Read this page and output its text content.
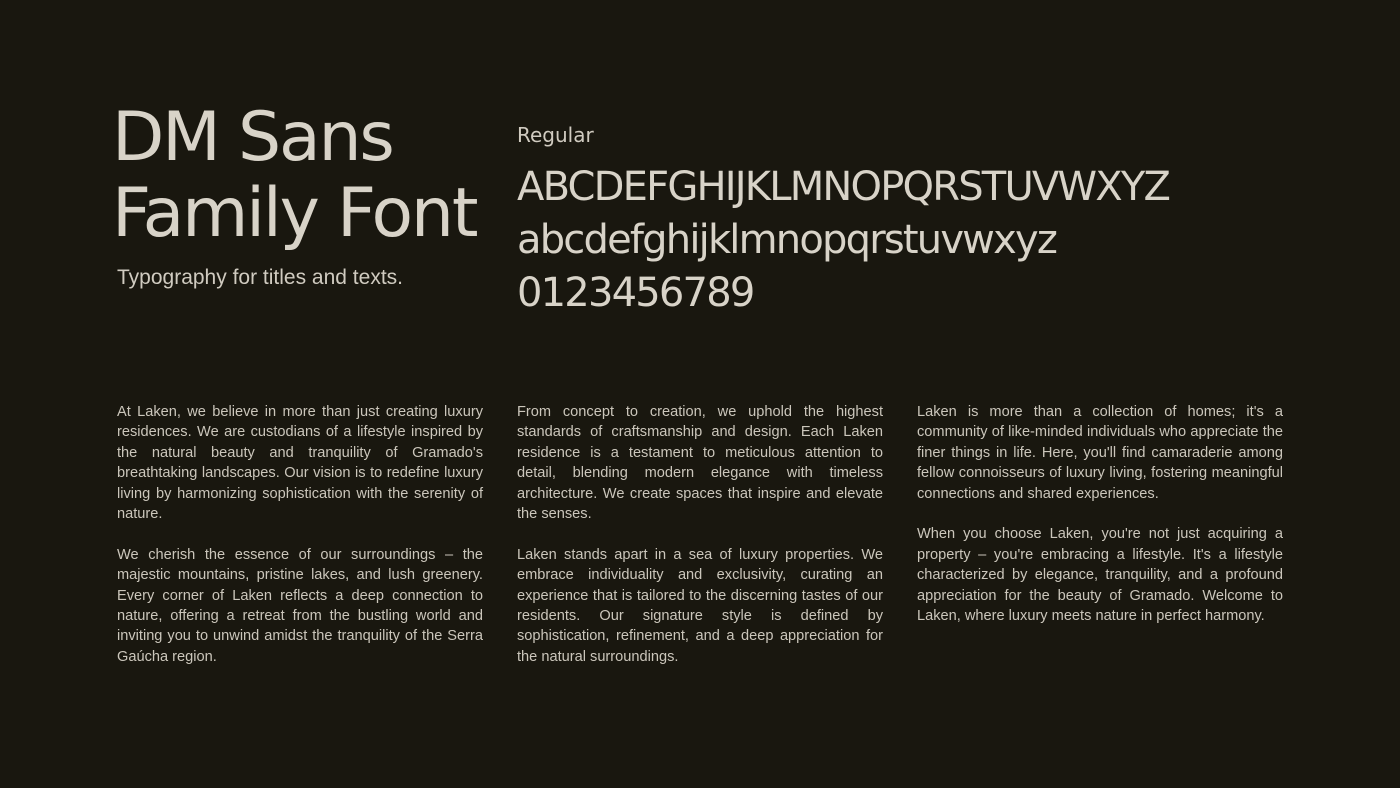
DM Sans
Family Font

Typography for titles and texts.

Regular

ABCDEFGHIJKLMNOPQRSTUVWXYZ
abcdefghijklmnopqrstuvwxyz
0123456789

At Laken, we believe in more than just creating luxury residences. We are custodians of a lifestyle inspired by the natural beauty and tranquility of Gramado's breathtaking landscapes. Our vision is to redefine luxury living by harmonizing sophistication with the serenity of nature.

We cherish the essence of our surroundings – the majestic mountains, pristine lakes, and lush greenery. Every corner of Laken reflects a deep connection to nature, offering a retreat from the bustling world and inviting you to unwind amidst the tranquility of the Serra Gaúcha region.

From concept to creation, we uphold the highest standards of craftsmanship and design. Each Laken residence is a testament to meticulous attention to detail, blending modern elegance with timeless architecture. We create spaces that inspire and elevate the senses.

Laken stands apart in a sea of luxury properties. We embrace individuality and exclusivity, curating an experience that is tailored to the discerning tastes of our residents. Our signature style is defined by sophistication, refinement, and a deep appreciation for the natural surroundings.

Laken is more than a collection of homes; it's a community of like-minded individuals who appreciate the finer things in life. Here, you'll find camaraderie among fellow connoisseurs of luxury living, fostering meaningful connections and shared experiences.

When you choose Laken, you're not just acquiring a property – you're embracing a lifestyle. It's a lifestyle characterized by elegance, tranquility, and a profound appreciation for the beauty of Gramado. Welcome to Laken, where luxury meets nature in perfect harmony.
